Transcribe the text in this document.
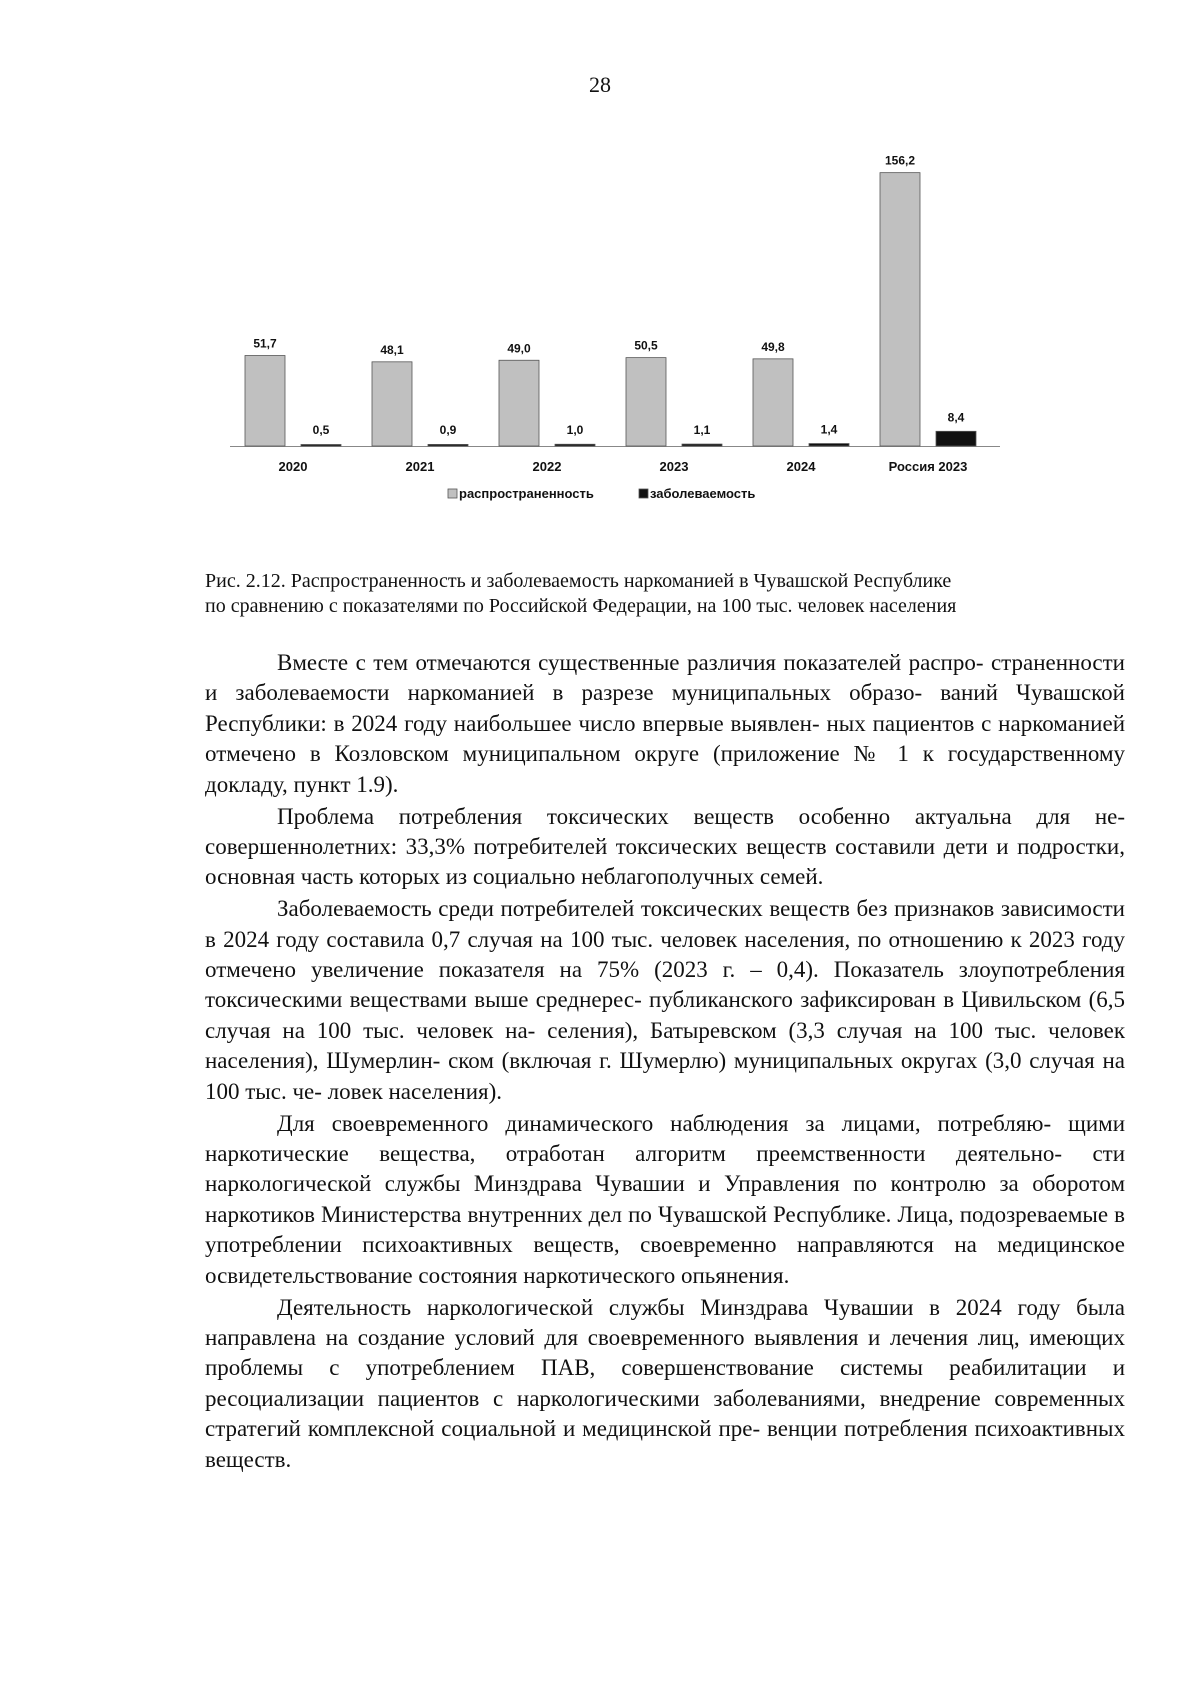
28
51,7
0,5
2020
48,1
0,9
2021
49,0
1,0
2022
50,5
1,1
2023
49,8
1,4
2024
156,2
8,4
Россия 2023
распространенность	заболеваемость

Рис. 2.12. Распространенность и заболеваемость наркоманией в Чувашской Республике

по сравнению с показателями по Российской Федерации, на 100 тыс. человек населения

Вместе с тем отмечаются существенные различия показателей распро- страненности и заболеваемости наркоманией в разрезе муниципальных образо- ваний Чувашской Республики: в 2024 году наибольшее число впервые выявлен- ных пациентов с наркоманией отмечено в Козловском муниципальном округе (приложение № 1 к государственному докладу, пункт 1.9).

Проблема потребления токсических веществ особенно актуальна для не- совершеннолетних: 33,3% потребителей токсических веществ составили дети и подростки, основная часть которых из социально неблагополучных семей.

Заболеваемость среди потребителей токсических веществ без признаков зависимости в 2024 году составила 0,7 случая на 100 тыс. человек населения, по отношению к 2023 году отмечено увеличение показателя на 75% (2023 г. – 0,4). Показатель злоупотребления токсическими веществами выше среднерес- публиканского зафиксирован в Цивильском (6,5 случая на 100 тыс. человек на- селения), Батыревском (3,3 случая на 100 тыс. человек населения), Шумерлин- ском (включая г. Шумерлю) муниципальных округах (3,0 случая на 100 тыс. че- ловек населения).

Для своевременного динамического наблюдения за лицами, потребляю- щими наркотические вещества, отработан алгоритм преемственности деятельно- сти наркологической службы Минздрава Чувашии и Управления по контролю за оборотом наркотиков Министерства внутренних дел по Чувашской Республике. Лица, подозреваемые в употреблении психоактивных веществ, своевременно направляются на медицинское освидетельствование состояния наркотического опьянения.

Деятельность наркологической службы Минздрава Чувашии в 2024 году была направлена на создание условий для своевременного выявления и лечения лиц, имеющих проблемы с употреблением ПАВ, совершенствование системы реабилитации и ресоциализации пациентов с наркологическими заболеваниями, внедрение современных стратегий комплексной социальной и медицинской пре- венции потребления психоактивных веществ.
